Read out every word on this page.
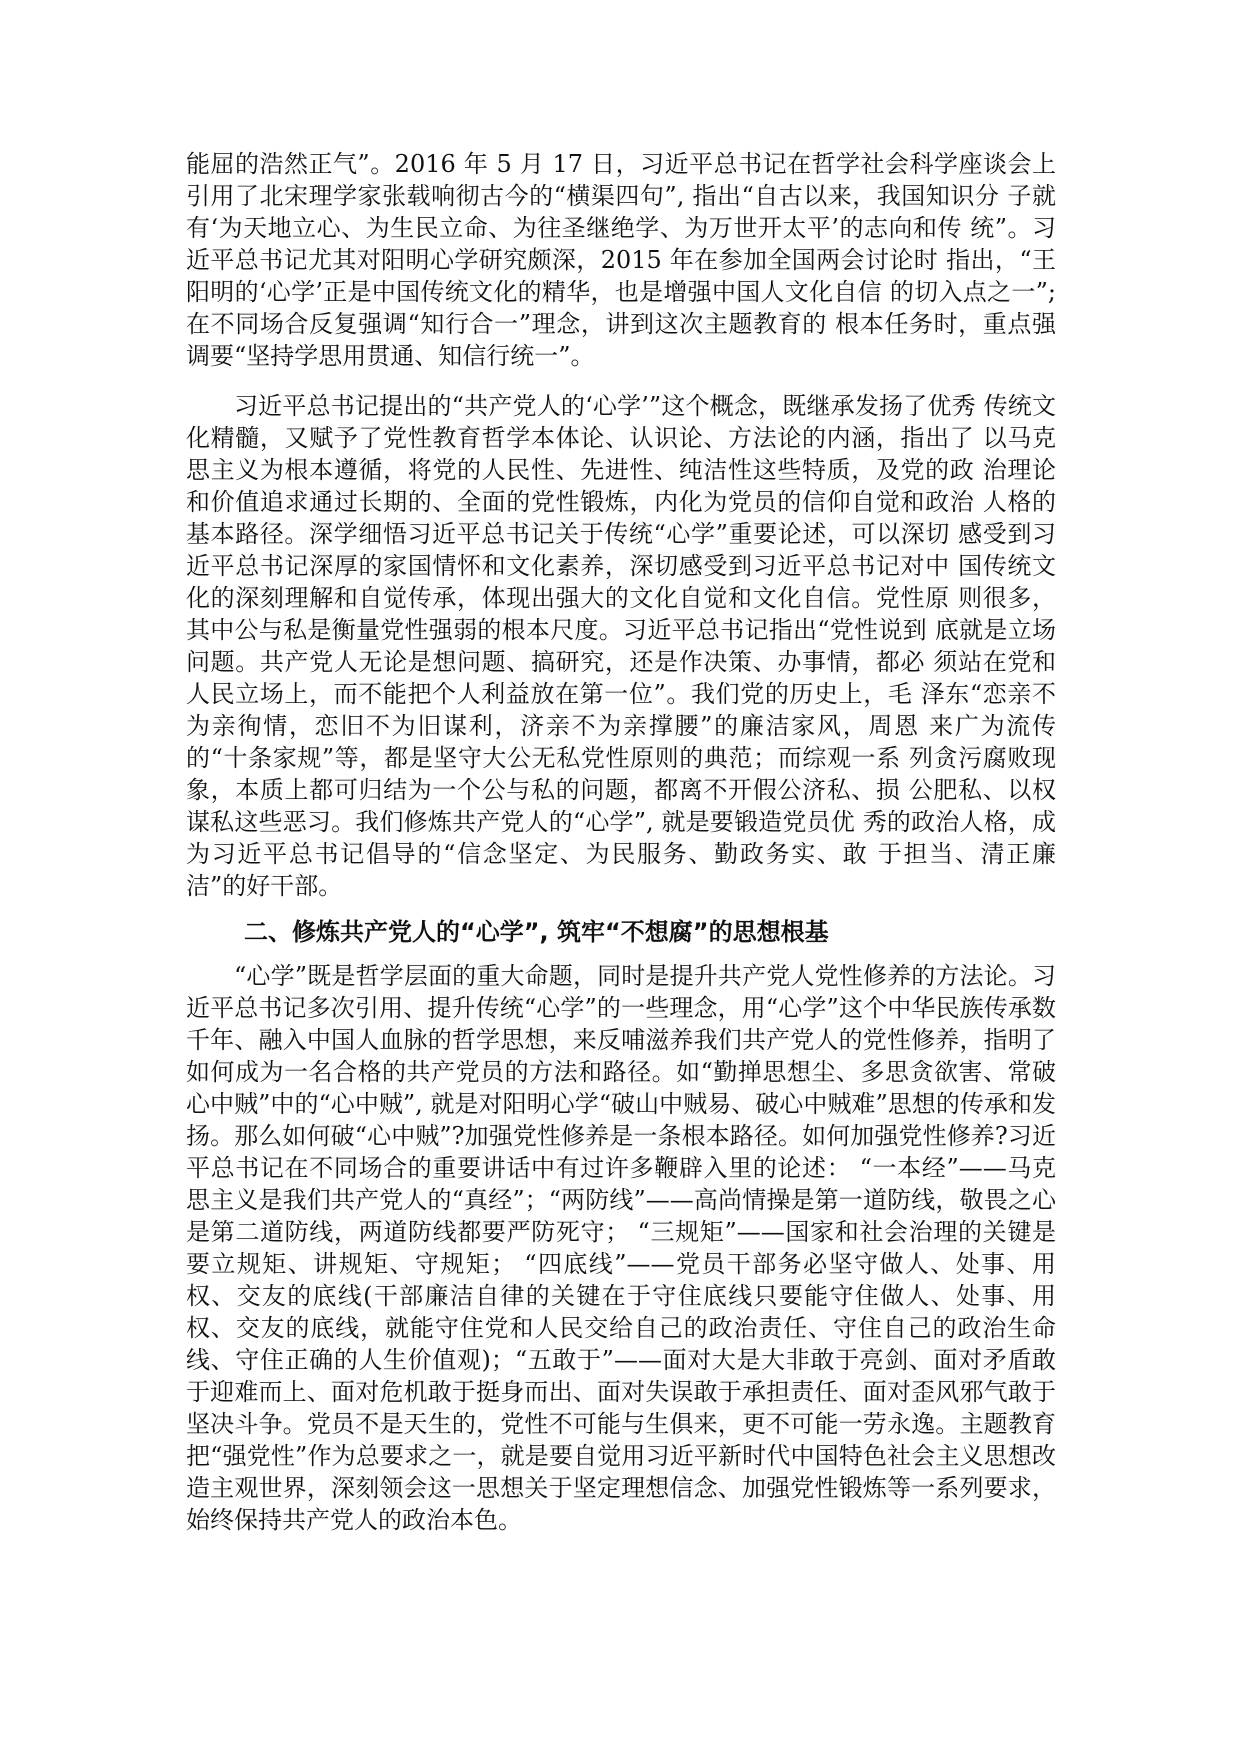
能屈的浩然正气”。2016 年 5 月 17 日，习近平总书记在哲学社会科学座谈会上 引用了北宋理学家张载响彻古今的“横渠四句”, 指出“自古以来，我国知识分 子就有‘为天地立心、为生民立命、为往圣继绝学、为万世开太平’的志向和传 统”。习近平总书记尤其对阳明心学研究颇深，2015 年在参加全国两会讨论时 指出，“王阳明的‘心学’正是中国传统文化的精华，也是增强中国人文化自信 的切入点之一”; 在不同场合反复强调“知行合一”理念，讲到这次主题教育的 根本任务时，重点强调要“坚持学思用贯通、知信行统一”。

习近平总书记提出的“共产党人的‘心学’”这个概念，既继承发扬了优秀 传统文化精髓，又赋予了党性教育哲学本体论、认识论、方法论的内涵，指出了 以马克思主义为根本遵循，将党的人民性、先进性、纯洁性这些特质，及党的政 治理论和价值追求通过长期的、全面的党性锻炼，内化为党员的信仰自觉和政治 人格的基本路径。深学细悟习近平总书记关于传统“心学”重要论述，可以深切 感受到习近平总书记深厚的家国情怀和文化素养，深切感受到习近平总书记对中 国传统文化的深刻理解和自觉传承，体现出强大的文化自觉和文化自信。党性原 则很多，其中公与私是衡量党性强弱的根本尺度。习近平总书记指出“党性说到 底就是立场问题。共产党人无论是想问题、搞研究，还是作决策、办事情，都必 须站在党和人民立场上，而不能把个人利益放在第一位”。我们党的历史上，毛 泽东“恋亲不为亲徇情，恋旧不为旧谋利，济亲不为亲撑腰”的廉洁家风，周恩 来广为流传的“十条家规”等，都是坚守大公无私党性原则的典范；而综观一系 列贪污腐败现象，本质上都可归结为一个公与私的问题，都离不开假公济私、损 公肥私、以权谋私这些恶习。我们修炼共产党人的“心学”, 就是要锻造党员优 秀的政治人格，成为习近平总书记倡导的“信念坚定、为民服务、勤政务实、敢 于担当、清正廉洁”的好干部。

二、修炼共产党人的“心学”, 筑牢“不想腐”的思想根基

“心学”既是哲学层面的重大命题，同时是提升共产党人党性修养的方法论。习近平总书记多次引用、提升传统“心学”的一些理念，用“心学”这个中华民族传承数千年、融入中国人血脉的哲学思想，来反哺滋养我们共产党人的党性修养，指明了如何成为一名合格的共产党员的方法和路径。如“勤掸思想尘、多思贪欲害、常破心中贼”中的“心中贼”, 就是对阳明心学“破山中贼易、破心中贼难”思想的传承和发扬。那么如何破“心中贼”?加强党性修养是一条根本路径。如何加强党性修养?习近平总书记在不同场合的重要讲话中有过许多鞭辟入里的论述： “一本经”——马克思主义是我们共产党人的“真经”；“两防线”——高尚情操是第一道防线，敬畏之心是第二道防线，两道防线都要严防死守； “三规矩”——国家和社会治理的关键是要立规矩、讲规矩、守规矩； “四底线”——党员干部务必坚守做人、处事、用权、交友的底线(干部廉洁自律的关键在于守住底线只要能守住做人、处事、用权、交友的底线，就能守住党和人民交给自己的政治责任、守住自己的政治生命线、守住正确的人生价值观)；“五敢于”——面对大是大非敢于亮剑、面对矛盾敢于迎难而上、面对危机敢于挺身而出、面对失误敢于承担责任、面对歪风邪气敢于坚决斗争。党员不是天生的，党性不可能与生俱来，更不可能一劳永逸。主题教育把“强党性”作为总要求之一，就是要自觉用习近平新时代中国特色社会主义思想改造主观世界，深刻领会这一思想关于坚定理想信念、加强党性锻炼等一系列要求，始终保持共产党人的政治本色。
